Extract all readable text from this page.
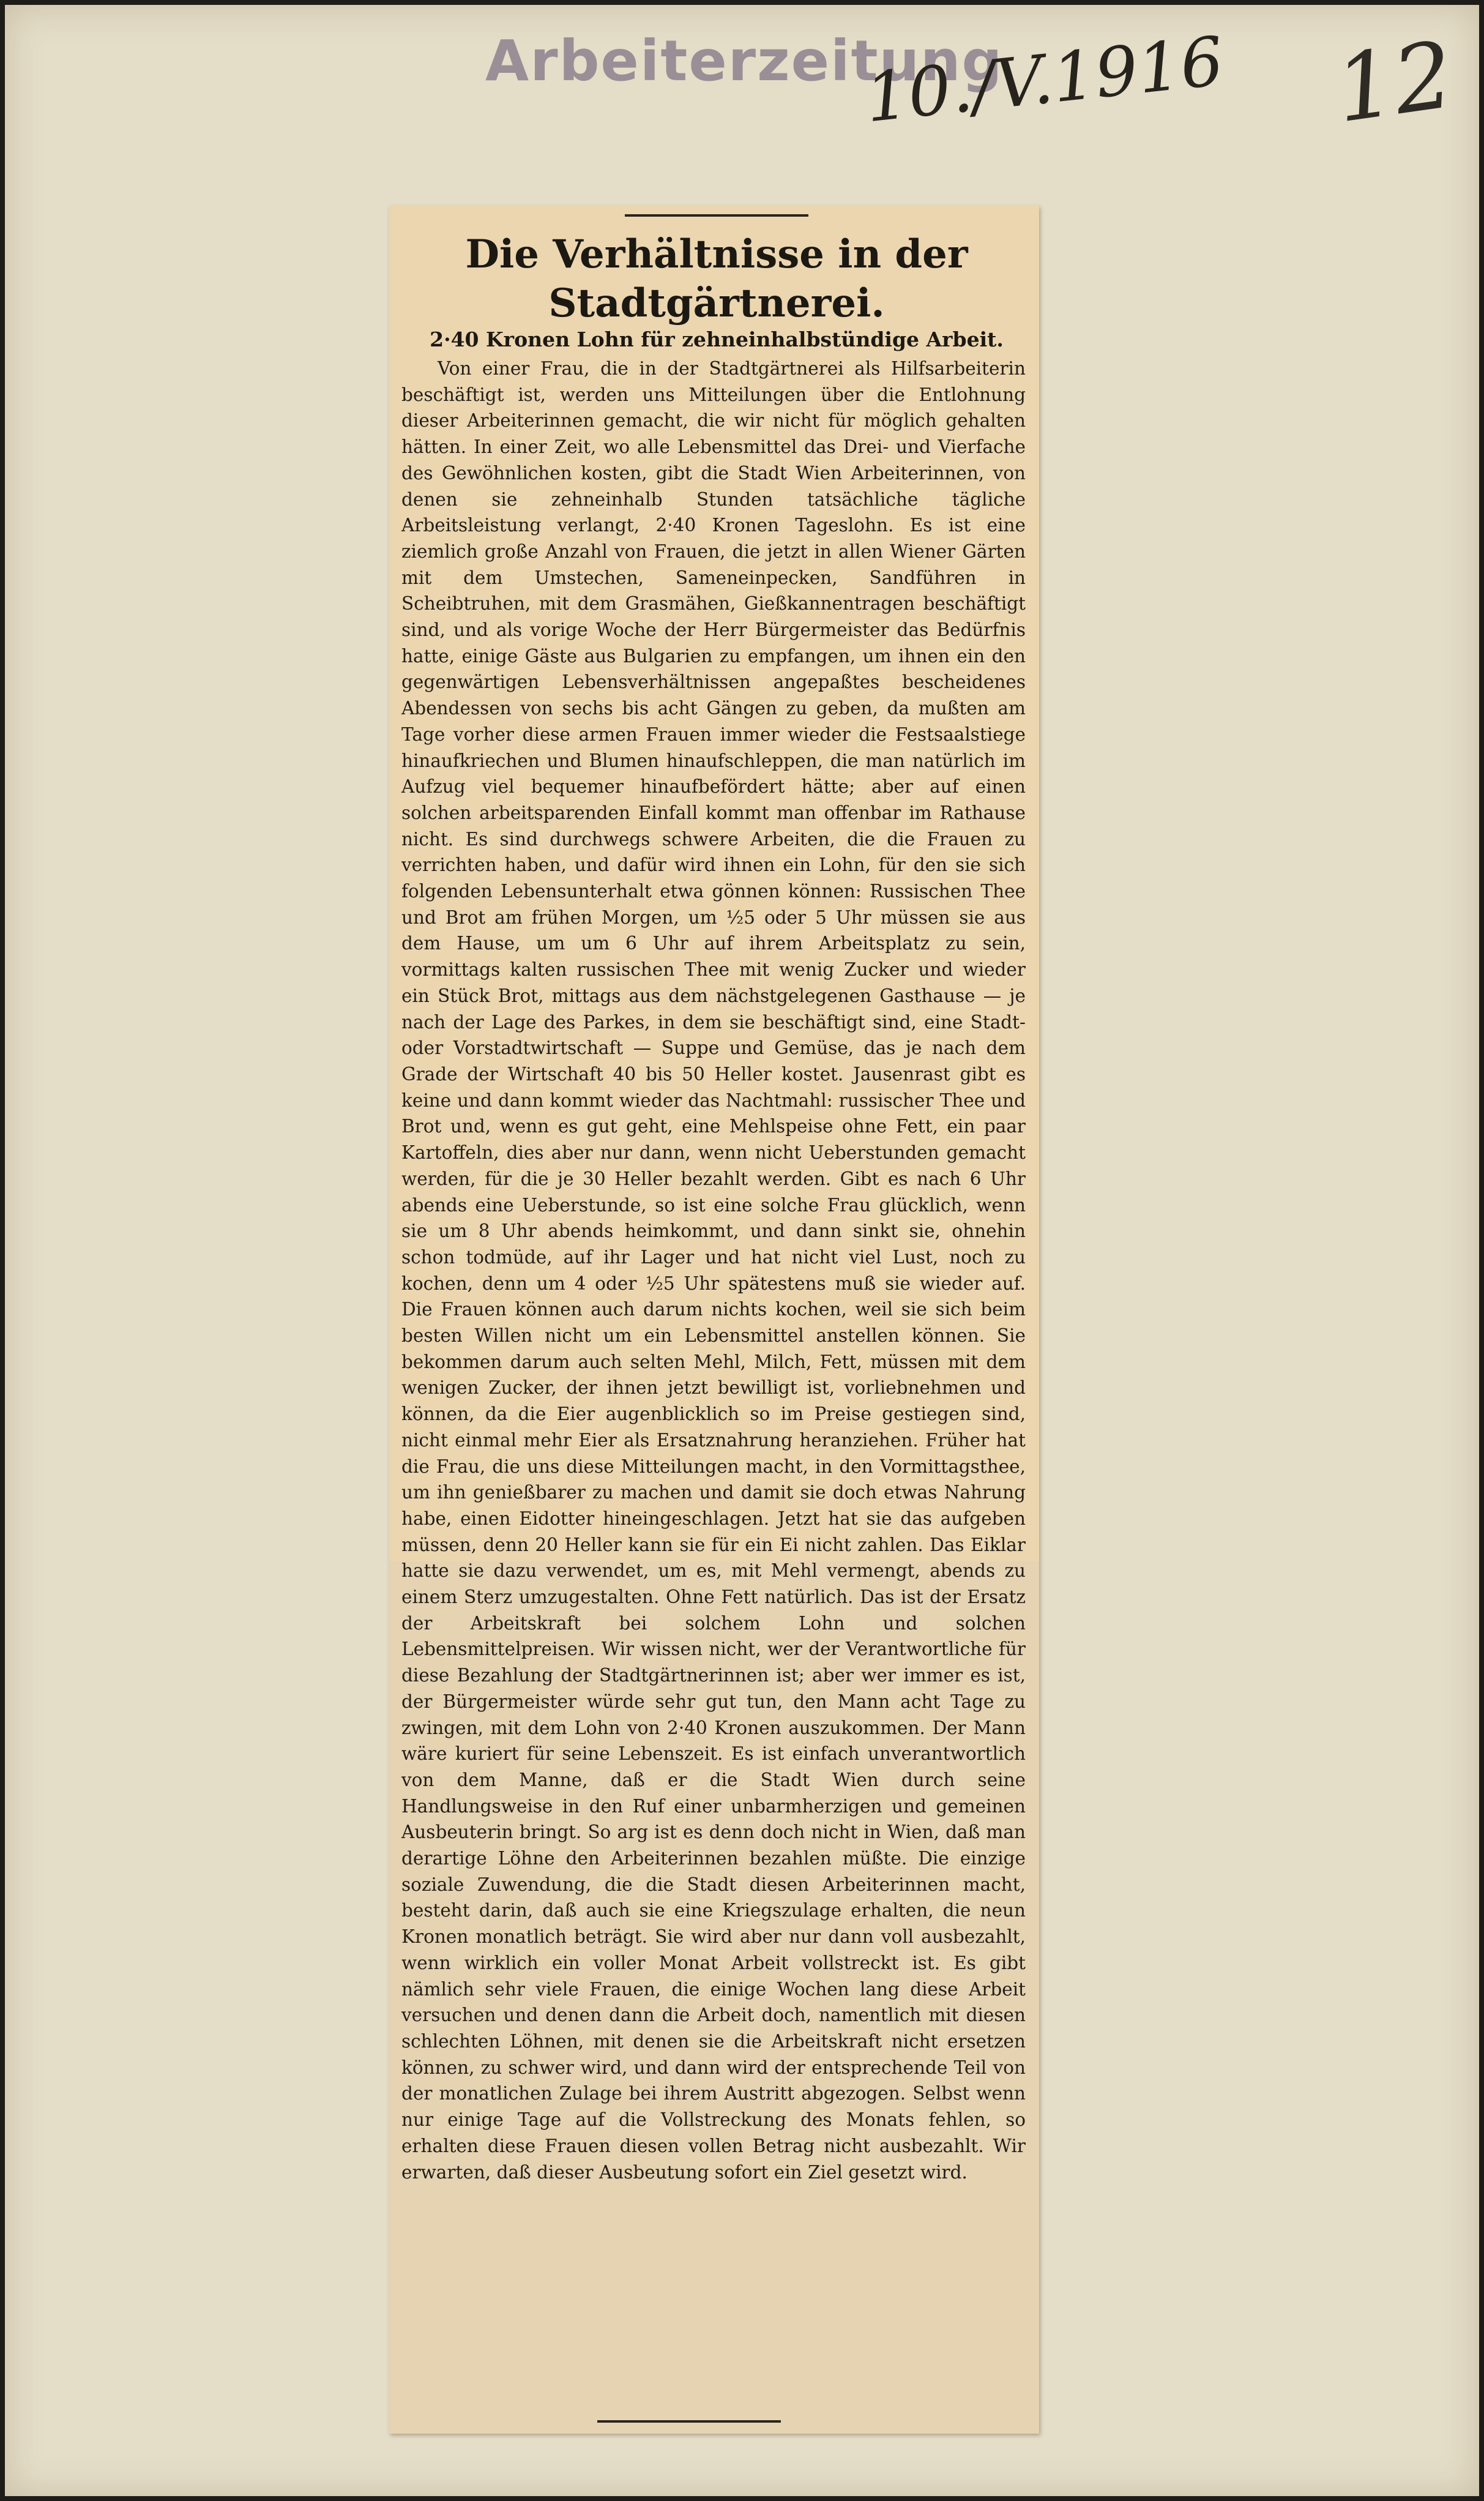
Arbeiterzeitung
10./V.1916 12
Die Verhältnisse in der Stadtgärtnerei.
2·40 Kronen Lohn für zehneinhalbstündige Arbeit.

Von einer Frau, die in der Stadtgärtnerei als Hilfsarbeiterin beschäftigt ist, werden uns Mitteilungen über die Entlohnung dieser Arbeiterinnen gemacht, die wir nicht für möglich gehalten hätten. In einer Zeit, wo alle Lebensmittel das Drei- und Vierfache des Gewöhnlichen kosten, gibt die Stadt Wien Arbeiterinnen, von denen sie zehneinhalb Stunden tatsächliche tägliche Arbeitsleistung verlangt, 2·40 Kronen Tageslohn. Es ist eine ziemlich große Anzahl von Frauen, die jetzt in allen Wiener Gärten mit dem Umstechen, Sameneinpecken, Sandführen in Scheibtruhen, mit dem Grasmähen, Gießkannentragen beschäftigt sind, und als vorige Woche der Herr Bürgermeister das Bedürfnis hatte, einige Gäste aus Bulgarien zu empfangen, um ihnen ein den gegenwärtigen Lebensverhältnissen angepaßtes bescheidenes Abendessen von sechs bis acht Gängen zu geben, da mußten am Tage vorher diese armen Frauen immer wieder die Festsaalstiege hinaufkriechen und Blumen hinaufschleppen, die man natürlich im Aufzug viel bequemer hinaufbefördert hätte; aber auf einen solchen arbeitsparenden Einfall kommt man offenbar im Rathause nicht. Es sind durchwegs schwere Arbeiten, die die Frauen zu verrichten haben, und dafür wird ihnen ein Lohn, für den sie sich folgenden Lebensunterhalt etwa gönnen können: Russischen Thee und Brot am frühen Morgen, um ½5 oder 5 Uhr müssen sie aus dem Hause, um um 6 Uhr auf ihrem Arbeitsplatz zu sein, vormittags kalten russischen Thee mit wenig Zucker und wieder ein Stück Brot, mittags aus dem nächstgelegenen Gasthause — je nach der Lage des Parkes, in dem sie beschäftigt sind, eine Stadt- oder Vorstadtwirtschaft — Suppe und Gemüse, das je nach dem Grade der Wirtschaft 40 bis 50 Heller kostet. Jausenrast gibt es keine und dann kommt wieder das Nachtmahl: russischer Thee und Brot und, wenn es gut geht, eine Mehlspeise ohne Fett, ein paar Kartoffeln, dies aber nur dann, wenn nicht Ueberstunden gemacht werden, für die je 30 Heller bezahlt werden. Gibt es nach 6 Uhr abends eine Ueberstunde, so ist eine solche Frau glücklich, wenn sie um 8 Uhr abends heimkommt, und dann sinkt sie, ohnehin schon todmüde, auf ihr Lager und hat nicht viel Lust, noch zu kochen, denn um 4 oder ½5 Uhr spätestens muß sie wieder auf. Die Frauen können auch darum nichts kochen, weil sie sich beim besten Willen nicht um ein Lebensmittel anstellen können. Sie bekommen darum auch selten Mehl, Milch, Fett, müssen mit dem wenigen Zucker, der ihnen jetzt bewilligt ist, vorliebnehmen und können, da die Eier augenblicklich so im Preise gestiegen sind, nicht einmal mehr Eier als Ersatznahrung heranziehen. Früher hat die Frau, die uns diese Mitteilungen macht, in den Vormittagsthee, um ihn genießbarer zu machen und damit sie doch etwas Nahrung habe, einen Eidotter hineingeschlagen. Jetzt hat sie das aufgeben müssen, denn 20 Heller kann sie für ein Ei nicht zahlen. Das Eiklar hatte sie dazu verwendet, um es, mit Mehl vermengt, abends zu einem Sterz umzugestalten. Ohne Fett natürlich. Das ist der Ersatz der Arbeitskraft bei solchem Lohn und solchen Lebensmittelpreisen. Wir wissen nicht, wer der Verantwortliche für diese Bezahlung der Stadtgärtnerinnen ist; aber wer immer es ist, der Bürgermeister würde sehr gut tun, den Mann acht Tage zu zwingen, mit dem Lohn von 2·40 Kronen auszukommen. Der Mann wäre kuriert für seine Lebenszeit. Es ist einfach unverantwortlich von dem Manne, daß er die Stadt Wien durch seine Handlungsweise in den Ruf einer unbarmherzigen und gemeinen Ausbeuterin bringt. So arg ist es denn doch nicht in Wien, daß man derartige Löhne den Arbeiterinnen bezahlen müßte. Die einzige soziale Zuwendung, die die Stadt diesen Arbeiterinnen macht, besteht darin, daß auch sie eine Kriegszulage erhalten, die neun Kronen monatlich beträgt. Sie wird aber nur dann voll ausbezahlt, wenn wirklich ein voller Monat Arbeit vollstreckt ist. Es gibt nämlich sehr viele Frauen, die einige Wochen lang diese Arbeit versuchen und denen dann die Arbeit doch, namentlich mit diesen schlechten Löhnen, mit denen sie die Arbeitskraft nicht ersetzen können, zu schwer wird, und dann wird der entsprechende Teil von der monatlichen Zulage bei ihrem Austritt abgezogen. Selbst wenn nur einige Tage auf die Vollstreckung des Monats fehlen, so erhalten diese Frauen diesen vollen Betrag nicht ausbezahlt. Wir erwarten, daß dieser Ausbeutung sofort ein Ziel gesetzt wird.
